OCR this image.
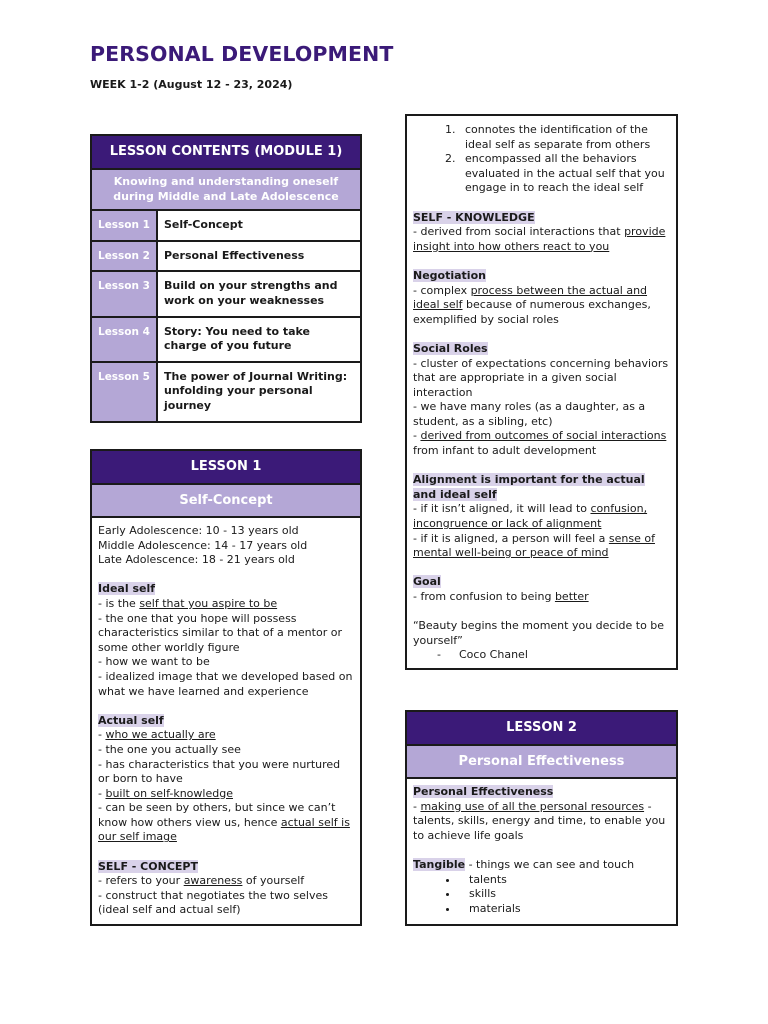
PERSONAL DEVELOPMENT
WEEK 1-2 (August 12 - 23, 2024)
LESSON CONTENTS (MODULE 1)
Knowing and understanding oneself during Middle and Late Adolescence
Lesson 1	Self-Concept
Lesson 2	Personal Effectiveness
Lesson 3	Build on your strengths and work on your weaknesses
Lesson 4	Story: You need to take charge of you future
Lesson 5	The power of Journal Writing: unfolding your personal journey
LESSON 1
Self-Concept

Early Adolescence: 10 - 13 years old

Middle Adolescence: 14 - 17 years old

Late Adolescence: 18 - 21 years old

Ideal self

- is the self that you aspire to be

- the one that you hope will possess characteristics similar to that of a mentor or some other worldly figure

- how we want to be

- idealized image that we developed based on what we have learned and experience

Actual self

- who we actually are

- the one you actually see

- has characteristics that you were nurtured or born to have

- built on self-knowledge

- can be seen by others, but since we can’t know how others view us, hence actual self is our self image

SELF - CONCEPT

- refers to your awareness of yourself

- construct that negotiates the two selves (ideal self and actual self)

1. connotes the identification of the ideal self as separate from others
2. encompassed all the behaviors evaluated in the actual self that you engage in to reach the ideal self

SELF - KNOWLEDGE

- derived from social interactions that provide insight into how others react to you

Negotiation

- complex process between the actual and ideal self because of numerous exchanges, exemplified by social roles

Social Roles

- cluster of expectations concerning behaviors that are appropriate in a given social interaction

- we have many roles (as a daughter, as a student, as a sibling, etc)

- derived from outcomes of social interactions from infant to adult development

Alignment is important for the actual and ideal self

- if it isn’t aligned, it will lead to confusion, incongruence or lack of alignment

- if it is aligned, a person will feel a sense of mental well-being or peace of mind

Goal

- from confusion to being better

“Beauty begins the moment you decide to be yourself”

- Coco Chanel

LESSON 2
Personal Effectiveness

Personal Effectiveness

- making use of all the personal resources - talents, skills, energy and time, to enable you to achieve life goals

Tangible - things we can see and touch

• talents
• skills
• materials
